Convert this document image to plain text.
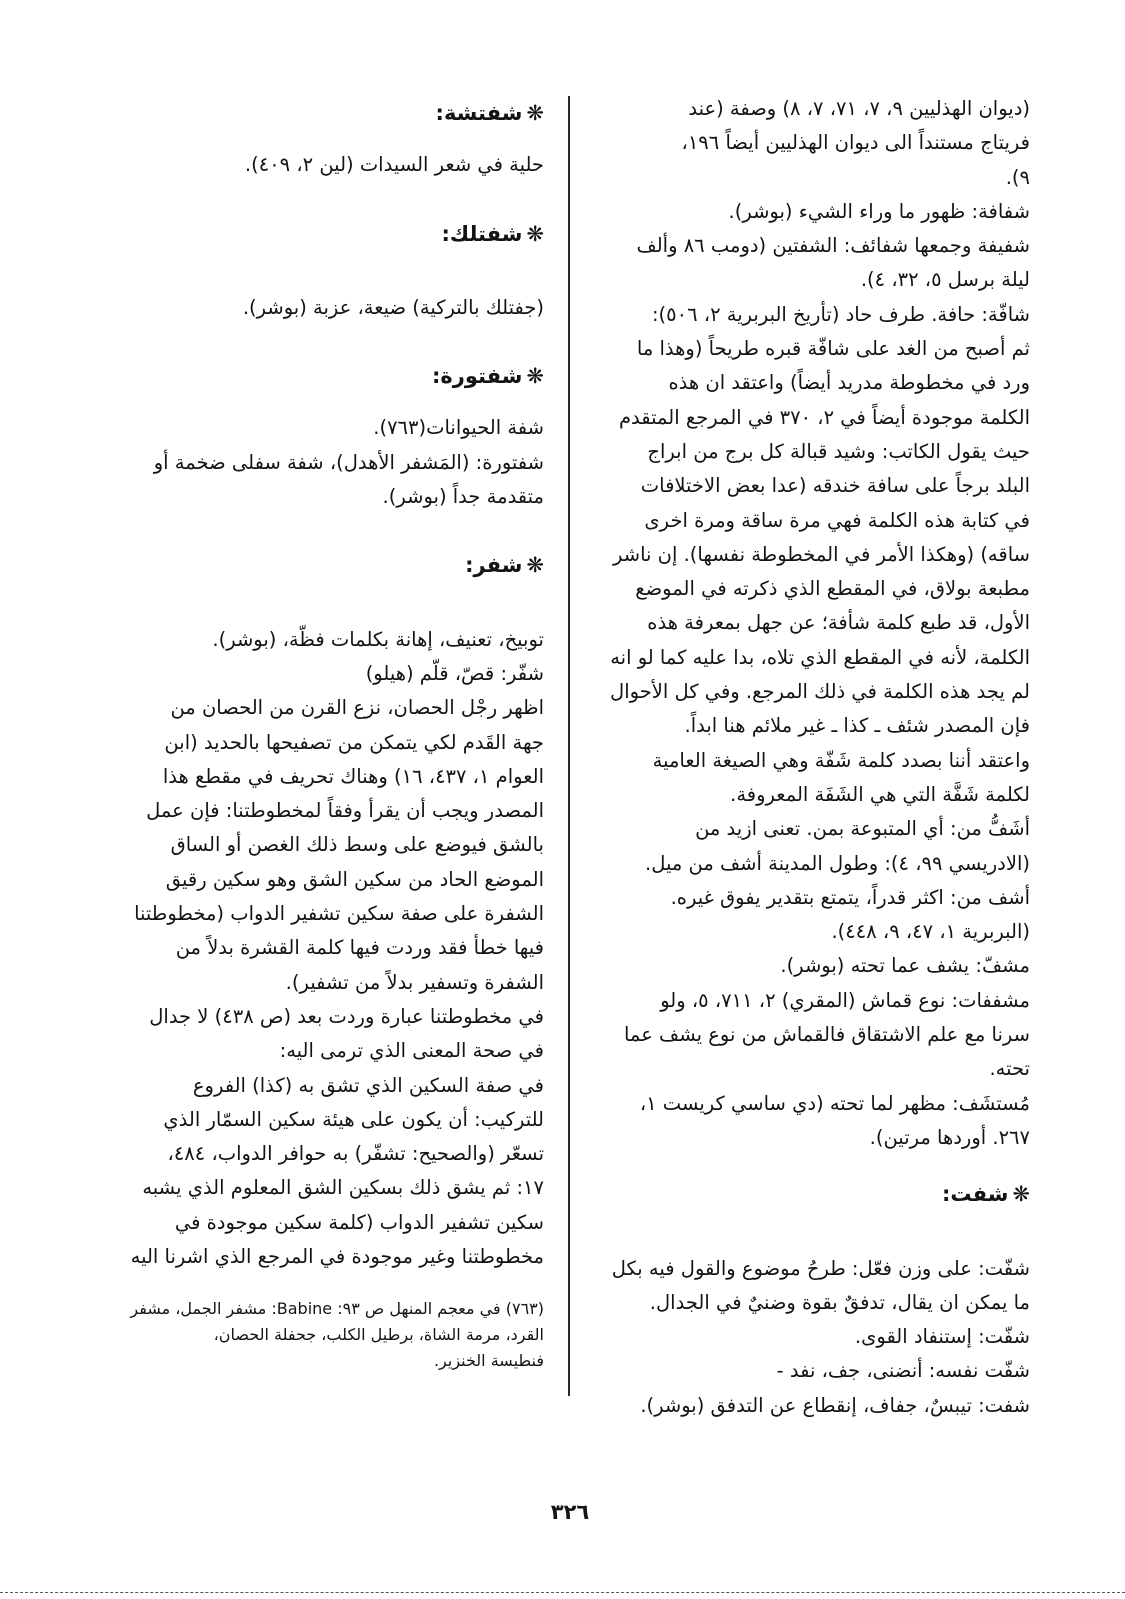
(ديوان الهذليين ٩، ٧، ٧١، ٧، ٨) وصفة (عند
فريتاج مستنداً الى ديوان الهذليين أيضاً ١٩٦،
٩).
شفافة: ظهور ما وراء الشيء (بوشر).
شفيفة وجمعها شفائف: الشفتين (دومب ٨٦ وألف
ليلة برسل ٥، ٣٢، ٤).
شافّة: حافة. طرف حاد (تأريخ البربرية ٢، ٥٠٦):
ثم أصبح من الغد على شافّة قبره طريحاً (وهذا ما
ورد في مخطوطة مدريد أيضاً) واعتقد ان هذه
الكلمة موجودة أيضاً في ٢، ٣٧٠ في المرجع المتقدم
حيث يقول الكاتب: وشيد قبالة كل برج من ابراج
البلد برجاً على سافة خندقه (عدا بعض الاختلافات
في كتابة هذه الكلمة فهي مرة ساقة ومرة اخرى
ساقه) (وهكذا الأمر في المخطوطة نفسها). إن ناشر
مطبعة بولاق، في المقطع الذي ذكرته في الموضع
الأول، قد طبع كلمة شأفة؛ عن جهل بمعرفة هذه
الكلمة، لأنه في المقطع الذي تلاه، بدا عليه كما لو انه
لم يجد هذه الكلمة في ذلك المرجع. وفي كل الأحوال
فإن المصدر شئف ـ كذا ـ غير ملائم هنا ابداً.
واعتقد أننا بصدد كلمة شَفّة وهي الصيغة العامية
لكلمة شَفَّة التي هي الشَفَة المعروفة.
أشَفُّ من: أي المتبوعة بمن. تعنى ازيد من
(الادريسي ٩٩، ٤): وطول المدينة أشف من ميل.
أشف من: اكثر قدراً، يتمتع بتقدير يفوق غيره.
(البربرية ١، ٤٧، ٩، ٤٤٨).
مشفّ: يشف عما تحته (بوشر).
مشففات: نوع قماش (المقري) ٢، ٧١١، ٥، ولو
سرنا مع علم الاشتقاق فالقماش من نوع يشف عما
تحته.
مُستشَف: مظهر لما تحته (دي ساسي كريست ١،
٢٦٧. أوردها مرتين).
❋شفت:
شفّت: على وزن فعّل: طرحُ موضوع والقول فيه بكل
ما يمكن ان يقال، تدفقٌ بقوة وضنيٌ في الجدال.
شفّت: إستنفاد القوى.
شفّت نفسه: أنضنى، جف، نفد -
شفت: تيبسٌ، جفاف، إنقطاع عن التدفق (بوشر).
❋شفتشة:
حلية في شعر السيدات (لين ٢، ٤٠٩).
❋شفتلك:
(جفتلك بالتركية) ضيعة، عزبة (بوشر).
❋شفتورة:
شفة الحيوانات(٧٦٣).
شفتورة: (المَشفر الأهدل)، شفة سفلى ضخمة أو
متقدمة جداً (بوشر).
❋شفر:
توبيخ، تعنيف، إهانة بكلمات فظّة، (بوشر).
شفّر: قصّ، قلّم (هيلو)
اظهر رجْل الحصان، نزع القرن من الحصان من
جهة القَدم لكي يتمكن من تصفيحها بالحديد (ابن
العوام ١، ٤٣٧، ١٦) وهناك تحريف في مقطع هذا
المصدر ويجب أن يقرأ وفقاً لمخطوطتنا: فإن عمل
بالشق فيوضع على وسط ذلك الغصن أو الساق
الموضع الحاد من سكين الشق وهو سكين رقيق
الشفرة على صفة سكين تشفير الدواب (مخطوطتنا
فيها خطأ فقد وردت فيها كلمة القشرة بدلاً من
الشفرة وتسفير بدلاً من تشفير).
في مخطوطتنا عبارة وردت بعد (ص ٤٣٨) لا جدال
في صحة المعنى الذي ترمى اليه:
في صفة السكين الذي تشق به (كذا) الفروع
للتركيب: أن يكون على هيئة سكين السمّار الذي
تسعّر (والصحيح: تشفّر) به حوافر الدواب، ٤٨٤،
١٧: ثم يشق ذلك بسكين الشق المعلوم الذي يشبه
سكين تشفير الدواب (كلمة سكين موجودة في
مخطوطتنا وغير موجودة في المرجع الذي اشرنا اليه
(٧٦٣) في معجم المنهل ص ٩٣: Babine: مشفر الجمل، مشفر
القرد، مرمة الشاة، برطيل الكلب، جحفلة الحصان،
فنطيسة الخنزير.
٣٢٦
